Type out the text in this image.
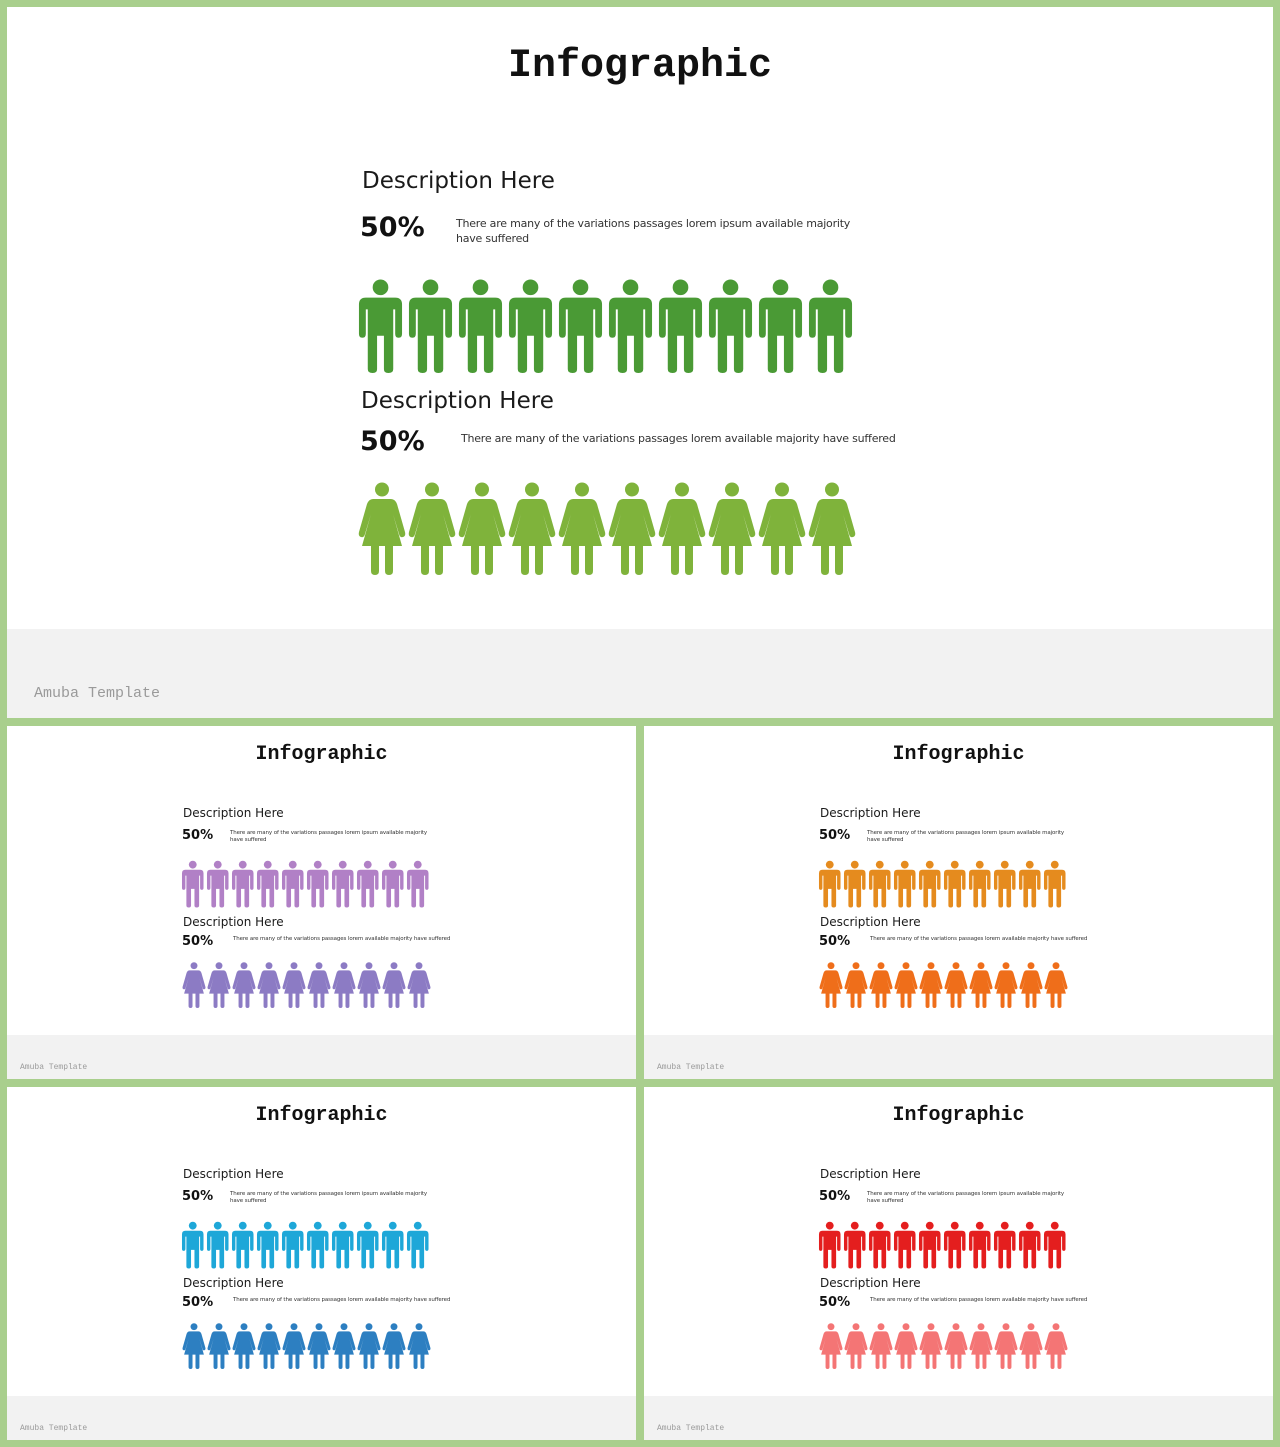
Infographic

Description Here

50%	There are many of the variations passages lorem ipsum available majority have suffered

Description Here

50%	There are many of the variations passages lorem available majority have suffered

Amuba Template

Infographic

Description Here

50%	There are many of the variations passages lorem ipsum available majority have suffered

Description Here

50%	There are many of the variations passages lorem available majority have suffered

Amuba Template

Infographic

Description Here

50%	There are many of the variations passages lorem ipsum available majority have suffered

Description Here

50%	There are many of the variations passages lorem available majority have suffered

Amuba Template

Infographic

Description Here

50%	There are many of the variations passages lorem ipsum available majority have suffered

Description Here

50%	There are many of the variations passages lorem available majority have suffered

Amuba Template

Infographic

Description Here

50%	There are many of the variations passages lorem ipsum available majority have suffered

Description Here

50%	There are many of the variations passages lorem available majority have suffered

Amuba Template
